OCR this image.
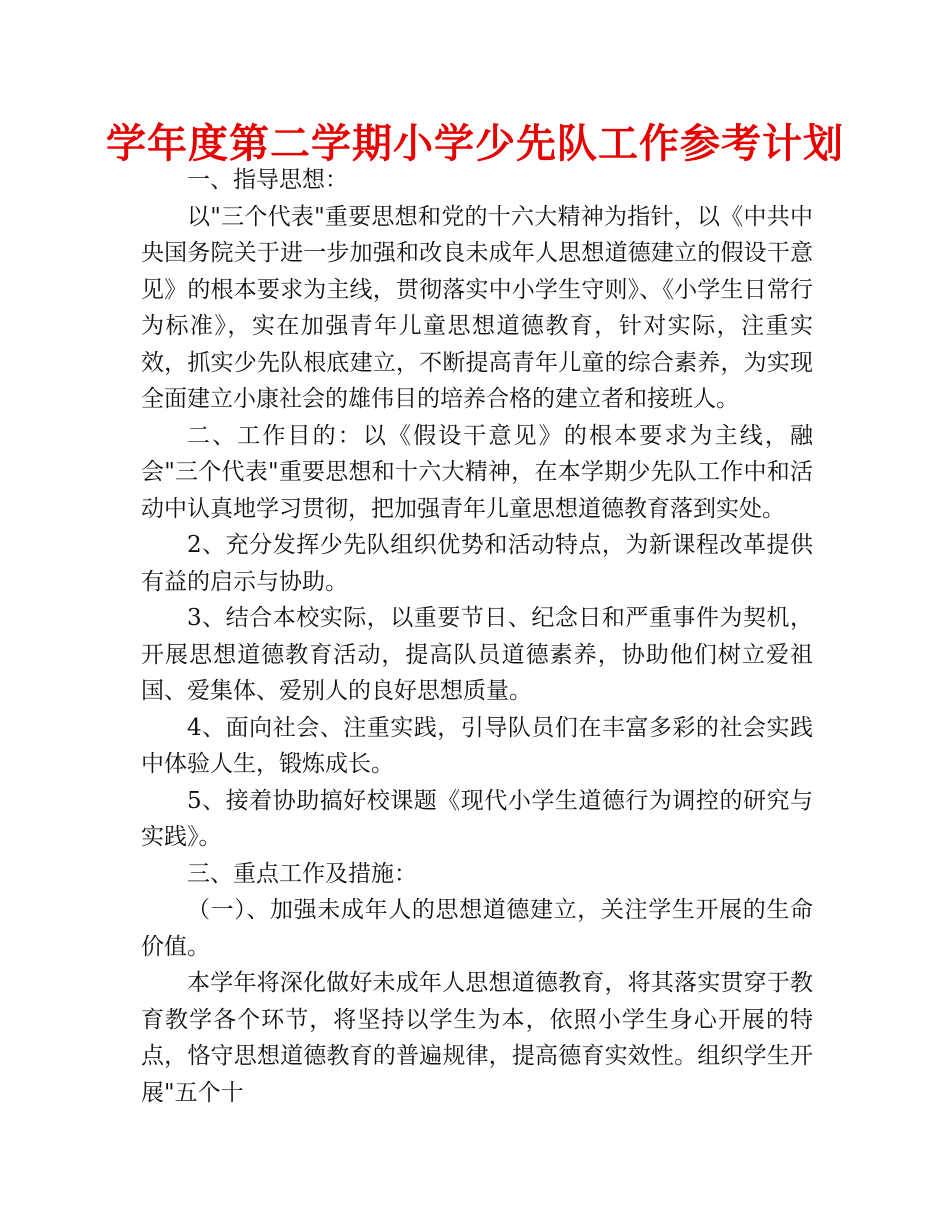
学年度第二学期小学少先队工作参考计划

一、指导思想：

以"三个代表"重要思想和党的十六大精神为指针，以《中共中央国务院关于进一步加强和改良未成年人思想道德建立的假设干意见》的根本要求为主线，贯彻落实中小学生守则》、《小学生日常行为标准》，实在加强青年儿童思想道德教育，针对实际，注重实效，抓实少先队根底建立，不断提高青年儿童的综合素养，为实现全面建立小康社会的雄伟目的培养合格的建立者和接班人。

二、工作目的：以《假设干意见》的根本要求为主线，融会"三个代表"重要思想和十六大精神，在本学期少先队工作中和活动中认真地学习贯彻，把加强青年儿童思想道德教育落到实处。

2、充分发挥少先队组织优势和活动特点，为新课程改革提供有益的启示与协助。

3、结合本校实际，以重要节日、纪念日和严重事件为契机，开展思想道德教育活动，提高队员道德素养，协助他们树立爱祖国、爱集体、爱别人的良好思想质量。

4、面向社会、注重实践，引导队员们在丰富多彩的社会实践中体验人生，锻炼成长。

5、接着协助搞好校课题《现代小学生道德行为调控的研究与实践》。

三、重点工作及措施：

（一）、加强未成年人的思想道德建立，关注学生开展的生命价值。

本学年将深化做好未成年人思想道德教育，将其落实贯穿于教育教学各个环节，将坚持以学生为本，依照小学生身心开展的特点，恪守思想道德教育的普遍规律，提高德育实效性。组织学生开展"五个十
